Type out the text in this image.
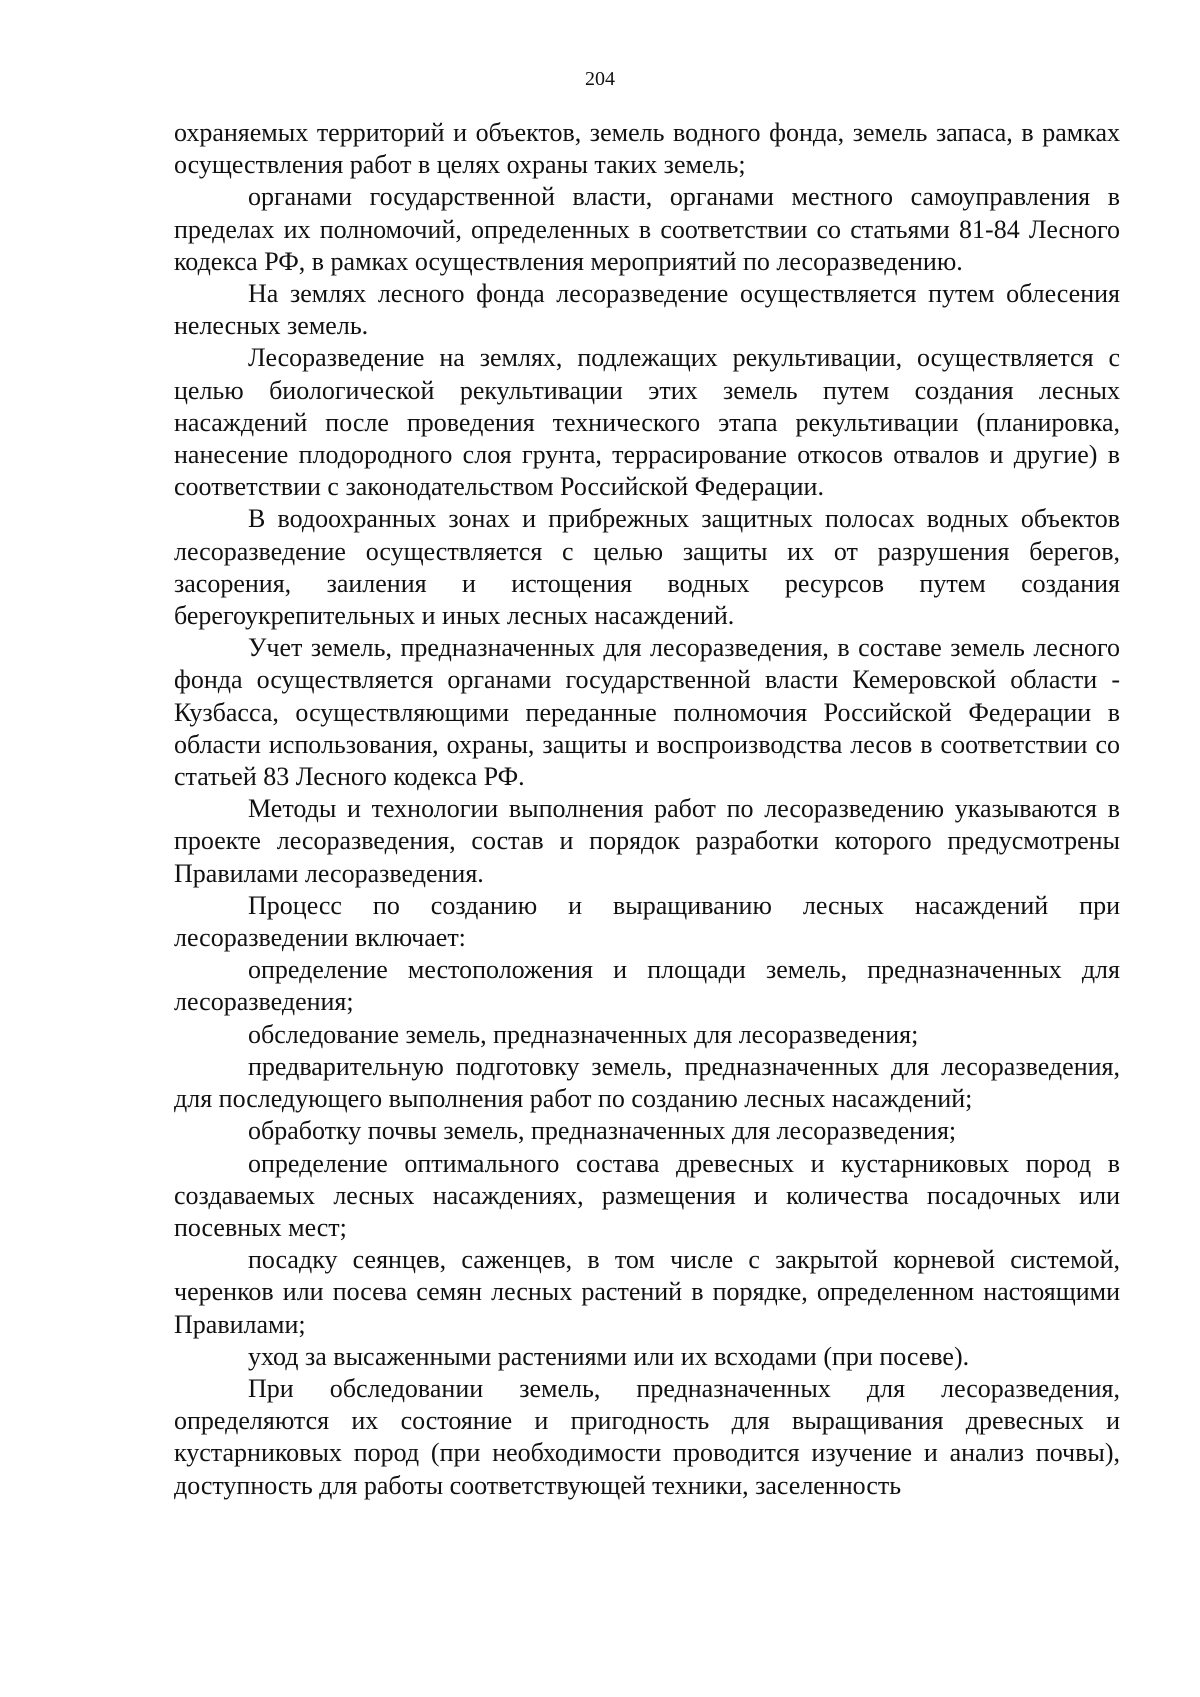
204

охраняемых территорий и объектов, земель водного фонда, земель запаса, в рамках осуществления работ в целях охраны таких земель;

органами государственной власти, органами местного самоуправления в пределах их полномочий, определенных в соответствии со статьями 81-84 Лесного кодекса РФ, в рамках осуществления мероприятий по лесоразведению.

На землях лесного фонда лесоразведение осуществляется путем облесения нелесных земель.

Лесоразведение на землях, подлежащих рекультивации, осуществляется с целью биологической рекультивации этих земель путем создания лесных насаждений после проведения технического этапа рекультивации (планировка, нанесение плодородного слоя грунта, террасирование откосов отвалов и другие) в соответствии с законодательством Российской Федерации.

В водоохранных зонах и прибрежных защитных полосах водных объектов лесоразведение осуществляется с целью защиты их от разрушения берегов, засорения, заиления и истощения водных ресурсов путем создания берегоукрепительных и иных лесных насаждений.

Учет земель, предназначенных для лесоразведения, в составе земель лесного фонда осуществляется органами государственной власти Кемеровской области - Кузбасса, осуществляющими переданные полномочия Российской Федерации в области использования, охраны, защиты и воспроизводства лесов в соответствии со статьей 83 Лесного кодекса РФ.

Методы и технологии выполнения работ по лесоразведению указываются в проекте лесоразведения, состав и порядок разработки которого предусмотрены Правилами лесоразведения.

Процесс по созданию и выращиванию лесных насаждений при лесоразведении включает:

определение местоположения и площади земель, предназначенных для лесоразведения;

обследование земель, предназначенных для лесоразведения;

предварительную подготовку земель, предназначенных для лесоразведения, для последующего выполнения работ по созданию лесных насаждений;

обработку почвы земель, предназначенных для лесоразведения;

определение оптимального состава древесных и кустарниковых пород в создаваемых лесных насаждениях, размещения и количества посадочных или посевных мест;

посадку сеянцев, саженцев, в том числе с закрытой корневой системой, черенков или посева семян лесных растений в порядке, определенном настоящими Правилами;

уход за высаженными растениями или их всходами (при посеве).

При обследовании земель, предназначенных для лесоразведения, определяются их состояние и пригодность для выращивания древесных и кустарниковых пород (при необходимости проводится изучение и анализ почвы), доступность для работы соответствующей техники, заселенность
